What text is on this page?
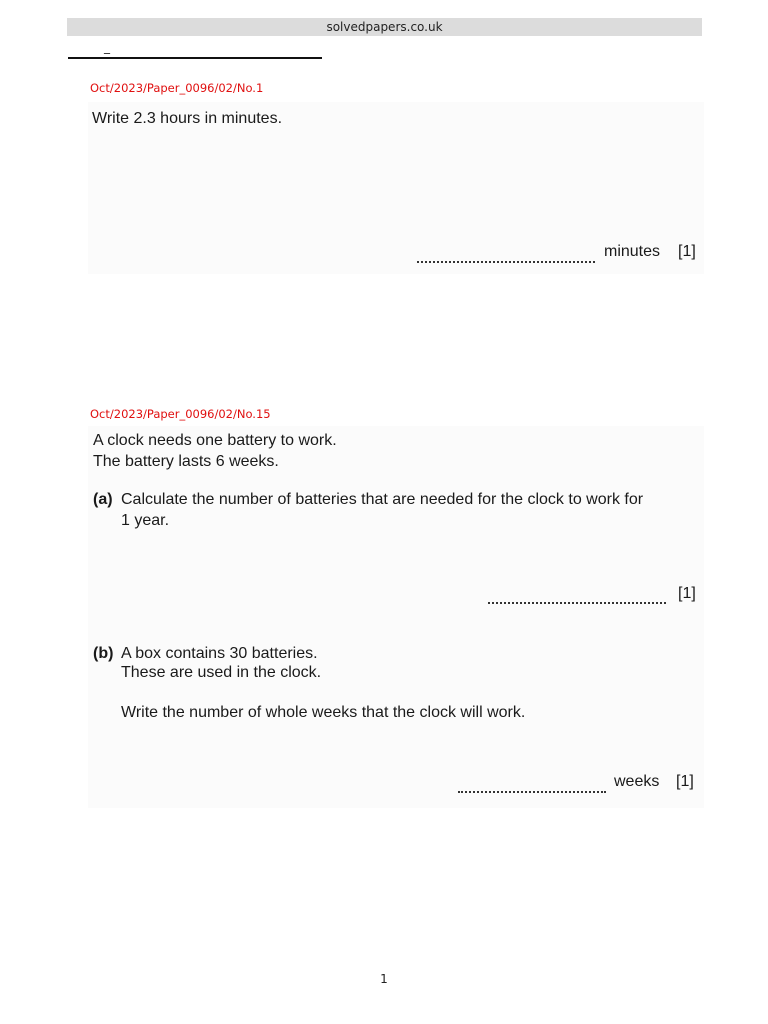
solvedpapers.co.uk
_
Oct/2023/Paper_0096/02/No.1
Write 2.3 hours in minutes.
minutes [1]
Oct/2023/Paper_0096/02/No.15
A clock needs one battery to work.
The battery lasts 6 weeks.
(a) Calculate the number of batteries that are needed for the clock to work for
1 year.
[1]
(b) A box contains 30 batteries.
These are used in the clock.
Write the number of whole weeks that the clock will work.
weeks [1]
1
